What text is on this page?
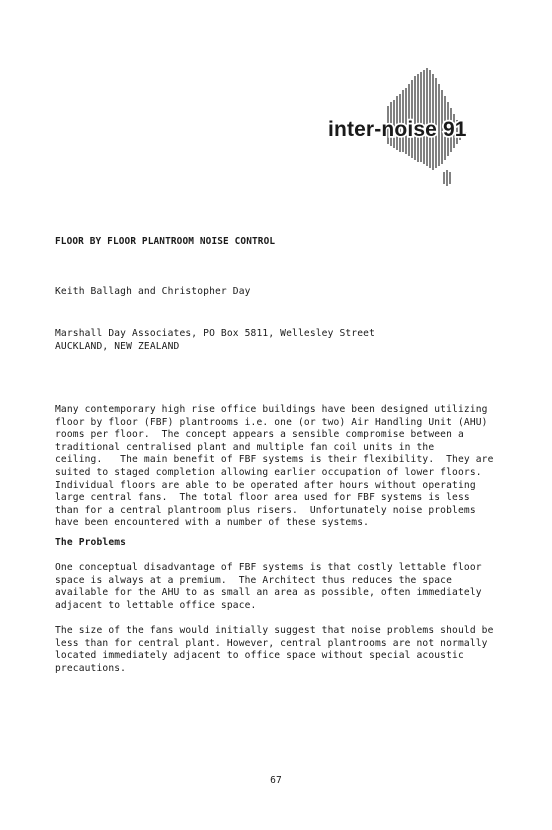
inter-noise 91
FLOOR BY FLOOR PLANTROOM NOISE CONTROL
Keith Ballagh and Christopher Day
Marshall Day Associates, PO Box 5811, Wellesley Street
AUCKLAND, NEW ZEALAND

Many contemporary high rise office buildings have been designed utilizing
floor by floor (FBF) plantrooms i.e. one (or two) Air Handling Unit (AHU)
rooms per floor.  The concept appears a sensible compromise between a
traditional centralised plant and multiple fan coil units in the
ceiling.   The main benefit of FBF systems is their flexibility.  They are
suited to staged completion allowing earlier occupation of lower floors.
Individual floors are able to be operated after hours without operating
large central fans.  The total floor area used for FBF systems is less
than for a central plantroom plus risers.  Unfortunately noise problems
have been encountered with a number of these systems.

The Problems

One conceptual disadvantage of FBF systems is that costly lettable floor
space is always at a premium.  The Architect thus reduces the space
available for the AHU to as small an area as possible, often immediately
adjacent to lettable office space.

The size of the fans would initially suggest that noise problems should be
less than for central plant. However, central plantrooms are not normally
located immediately adjacent to office space without special acoustic
precautions.

67
